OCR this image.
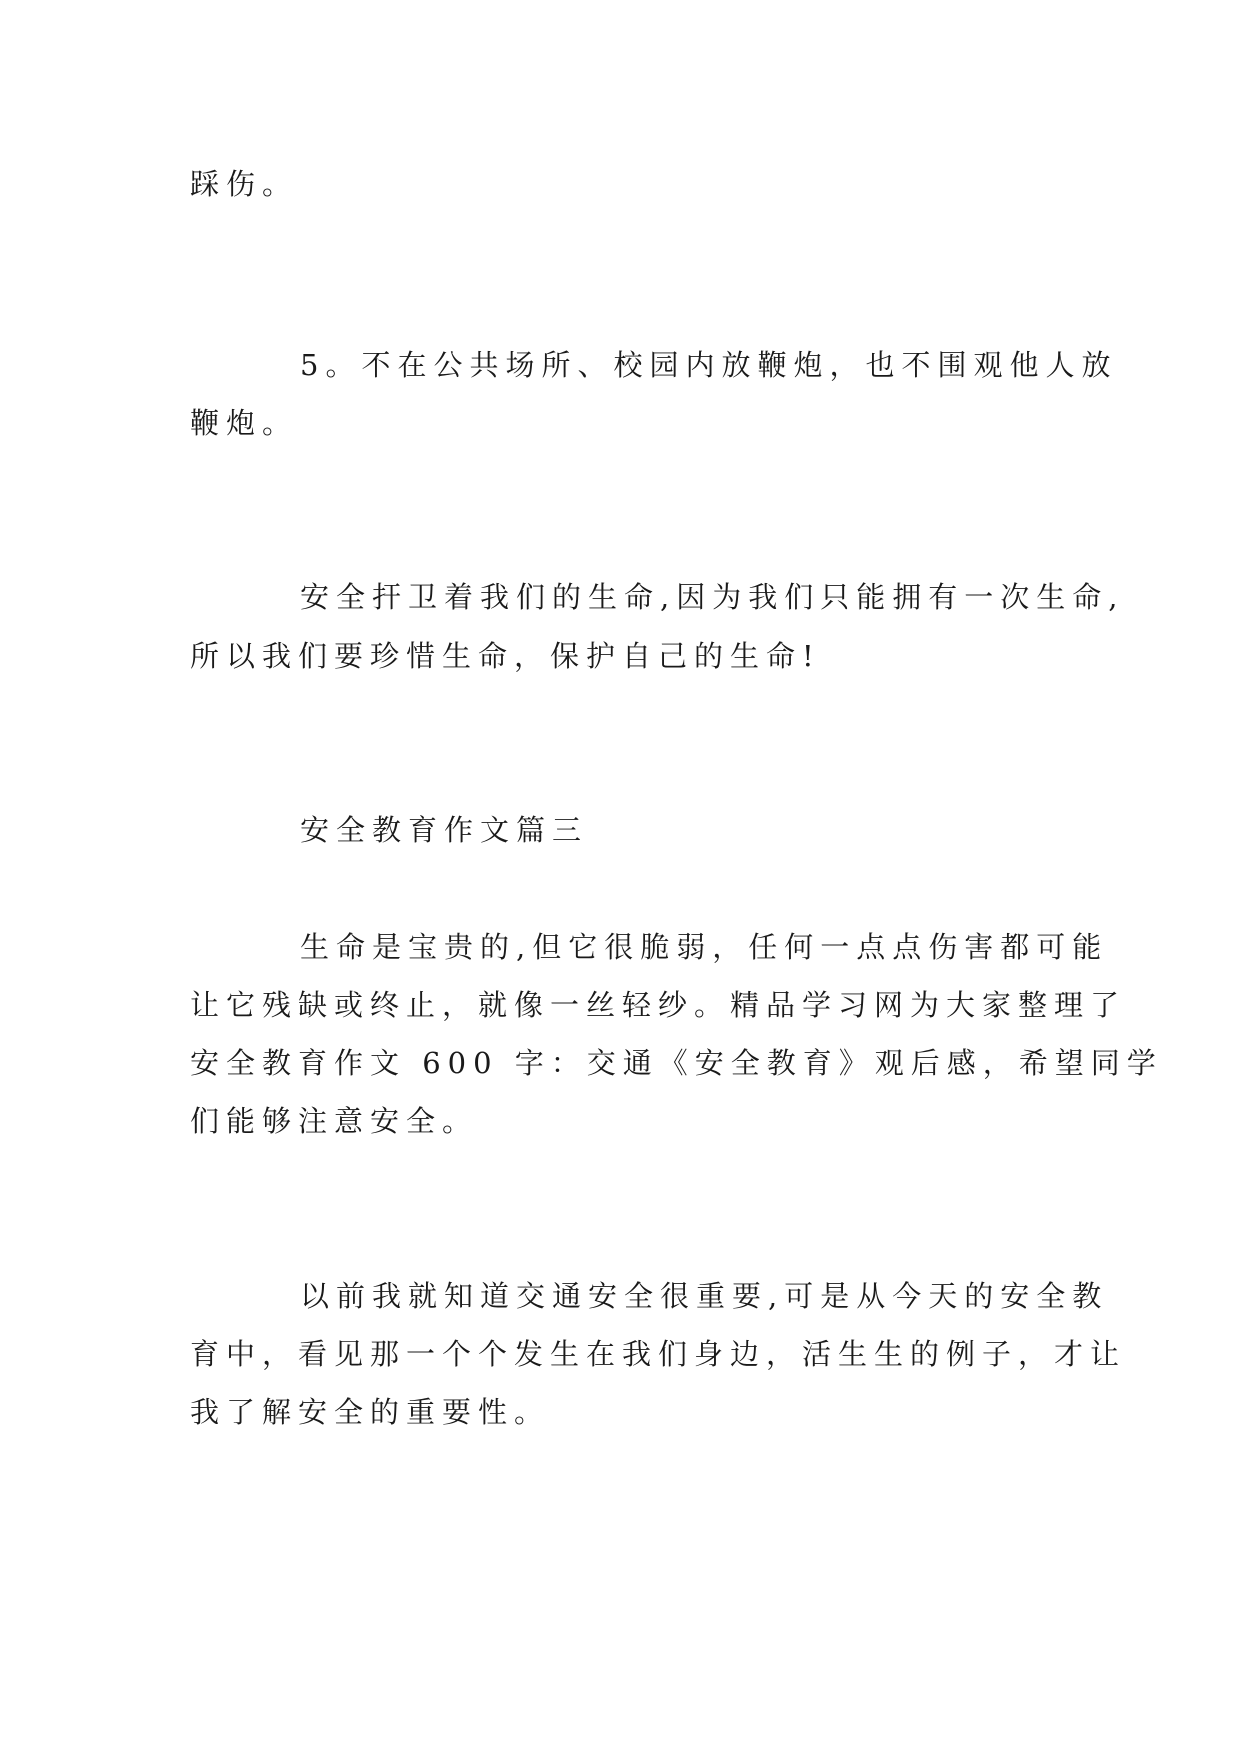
踩伤。
5。不在公共场所、校园内放鞭炮，也不围观他人放
鞭炮。
安全扞卫着我们的生命,因为我们只能拥有一次生命,
所以我们要珍惜生命，保护自己的生命!
安全教育作文篇三
生命是宝贵的,但它很脆弱，任何一点点伤害都可能
让它残缺或终止，就像一丝轻纱。精品学习网为大家整理了
安全教育作文 600 字：交通《安全教育》观后感，希望同学
们能够注意安全。
以前我就知道交通安全很重要,可是从今天的安全教
育中，看见那一个个发生在我们身边，活生生的例子，才让
我了解安全的重要性。
